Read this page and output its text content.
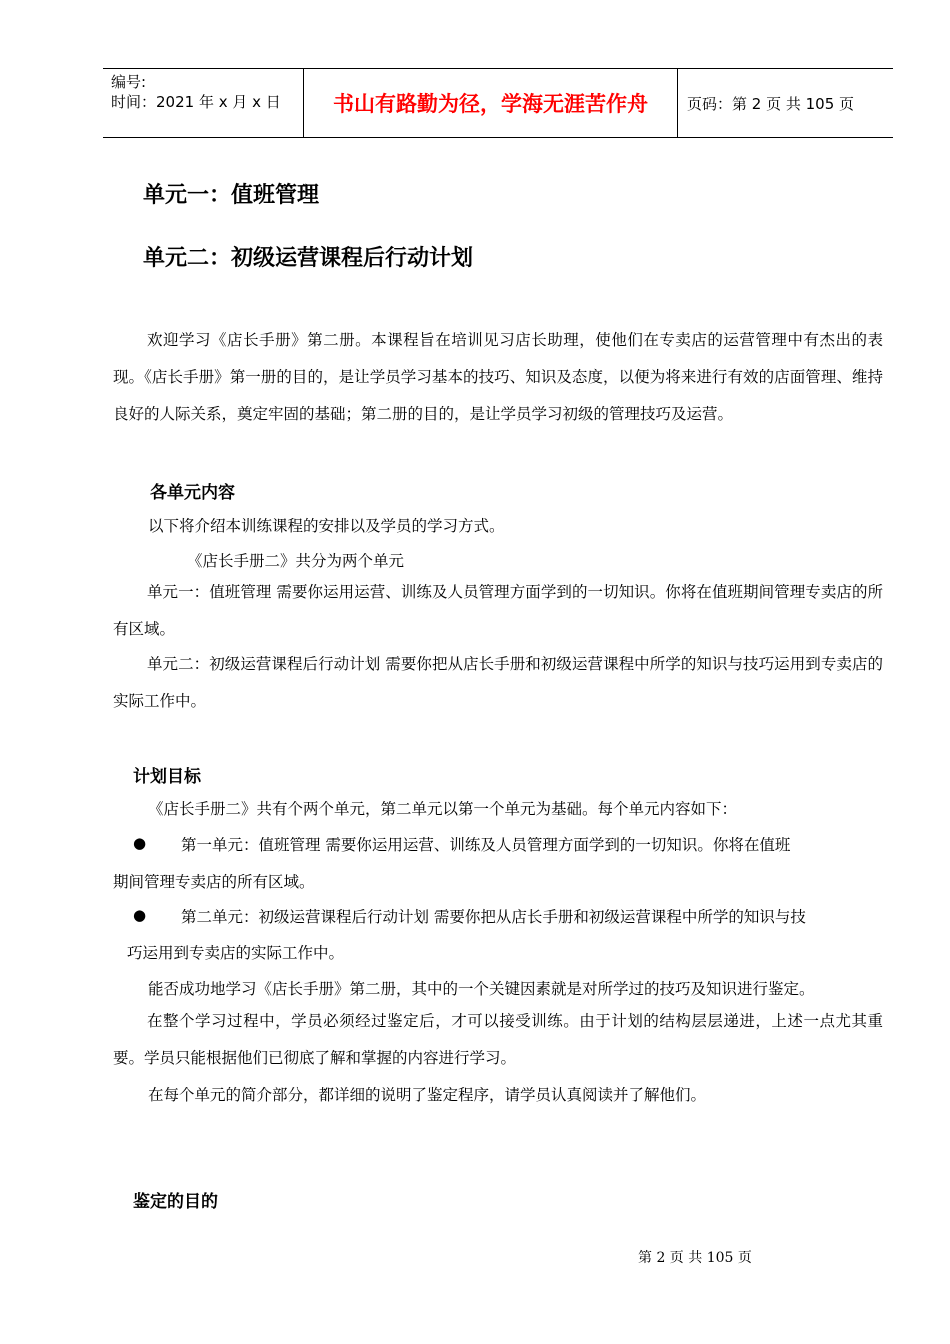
编号:
时间：2021 年 x 月 x 日 书山有路勤为径，学海无涯苦作舟	页码：第 2 页 共 105 页
单元一：值班管理
单元二：初级运营课程后行动计划

欢迎学习《店长手册》第二册。本课程旨在培训见习店长助理，使他们在专卖店的运营管理中有杰出的表现。《店长手册》第一册的目的，是让学员学习基本的技巧、知识及态度，以便为将来进行有效的店面管理、维持良好的人际关系，奠定牢固的基础；第二册的目的，是让学员学习初级的管理技巧及运营。

各单元内容

以下将介绍本训练课程的安排以及学员的学习方式。

《店长手册二》共分为两个单元

单元一：值班管理 需要你运用运营、训练及人员管理方面学到的一切知识。你将在值班期间管理专卖店的所有区域。

单元二：初级运营课程后行动计划 需要你把从店长手册和初级运营课程中所学的知识与技巧运用到专卖店的实际工作中。

计划目标

《店长手册二》共有个两个单元，第二单元以第一个单元为基础。每个单元内容如下：

● 第一单元：值班管理 需要你运用运营、训练及人员管理方面学到的一切知识。你将在值班

期间管理专卖店的所有区域。

● 第二单元：初级运营课程后行动计划 需要你把从店长手册和初级运营课程中所学的知识与技

巧运用到专卖店的实际工作中。

能否成功地学习《店长手册》第二册，其中的一个关键因素就是对所学过的技巧及知识进行鉴定。

在整个学习过程中，学员必须经过鉴定后，才可以接受训练。由于计划的结构层层递进，上述一点尤其重要。学员只能根据他们已彻底了解和掌握的内容进行学习。

在每个单元的简介部分，都详细的说明了鉴定程序，请学员认真阅读并了解他们。

鉴定的目的
第 2 页 共 105 页
